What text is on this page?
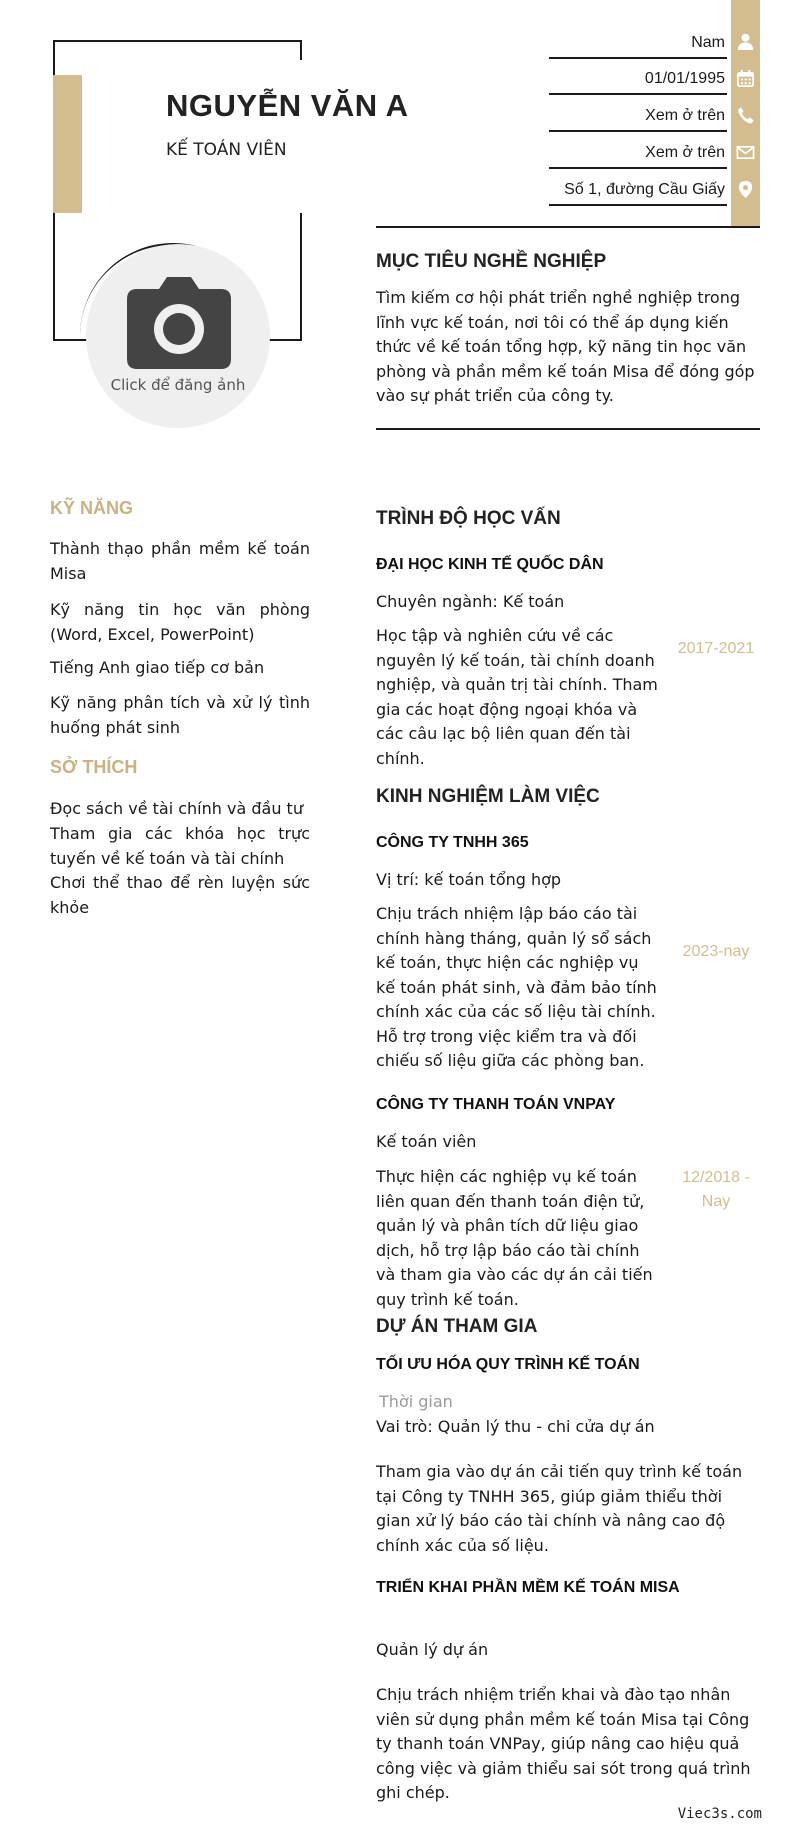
NGUYỄN VĂN A
KẾ TOÁN VIÊN
Click để đăng ảnh
Nam
01/01/1995
Xem ở trên
Xem ở trên
Số 1, đường Cầu Giấy
MỤC TIÊU NGHỀ NGHIỆP
Tìm kiếm cơ hội phát triển nghề nghiệp trong lĩnh vực kế toán, nơi tôi có thể áp dụng kiến thức về kế toán tổng hợp, kỹ năng tin học văn phòng và phần mềm kế toán Misa để đóng góp vào sự phát triển của công ty.
KỸ NĂNG
Thành thạo phần mềm kế toán Misa
Kỹ năng tin học văn phòng (Word, Excel, PowerPoint)
Tiếng Anh giao tiếp cơ bản
Kỹ năng phân tích và xử lý tình huống phát sinh
SỞ THÍCH
Đọc sách về tài chính và đầu tư
Tham gia các khóa học trực tuyến về kế toán và tài chính
Chơi thể thao để rèn luyện sức khỏe
TRÌNH ĐỘ HỌC VẤN
ĐẠI HỌC KINH TẾ QUỐC DÂN
Chuyên ngành: Kế toán
Học tập và nghiên cứu về các nguyên lý kế toán, tài chính doanh nghiệp, và quản trị tài chính. Tham gia các hoạt động ngoại khóa và các câu lạc bộ liên quan đến tài chính.
2017-2021
KINH NGHIỆM LÀM VIỆC
CÔNG TY TNHH 365
Vị trí: kế toán tổng hợp
Chịu trách nhiệm lập báo cáo tài chính hàng tháng, quản lý sổ sách kế toán, thực hiện các nghiệp vụ kế toán phát sinh, và đảm bảo tính chính xác của các số liệu tài chính. Hỗ trợ trong việc kiểm tra và đối chiếu số liệu giữa các phòng ban.
2023-nay
CÔNG TY THANH TOÁN VNPAY
Kế toán viên
Thực hiện các nghiệp vụ kế toán liên quan đến thanh toán điện tử, quản lý và phân tích dữ liệu giao dịch, hỗ trợ lập báo cáo tài chính và tham gia vào các dự án cải tiến quy trình kế toán.
12/2018 - Nay
DỰ ÁN THAM GIA
TỐI ƯU HÓA QUY TRÌNH KẾ TOÁN
Thời gian
Vai trò: Quản lý thu - chi cửa dự án
Tham gia vào dự án cải tiến quy trình kế toán tại Công ty TNHH 365, giúp giảm thiểu thời gian xử lý báo cáo tài chính và nâng cao độ chính xác của số liệu.
TRIỂN KHAI PHẦN MỀM KẾ TOÁN MISA
Quản lý dự án
Chịu trách nhiệm triển khai và đào tạo nhân viên sử dụng phần mềm kế toán Misa tại Công ty thanh toán VNPay, giúp nâng cao hiệu quả công việc và giảm thiểu sai sót trong quá trình ghi chép.
Viec3s.com
